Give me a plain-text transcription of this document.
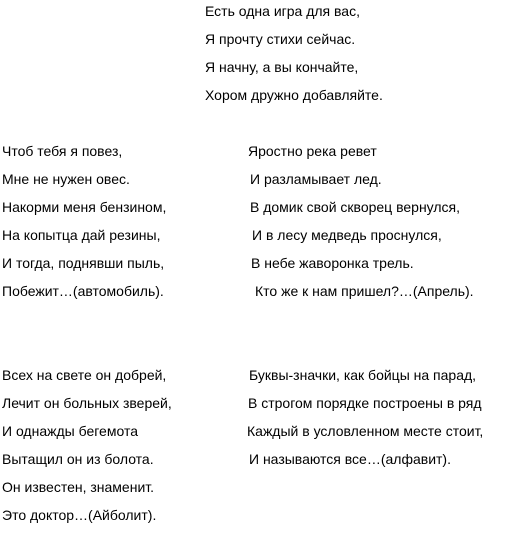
Есть одна игра для вас,
Я прочту стихи сейчас.
Я начну, а вы кончайте,
Хором дружно добавляйте.
Чтоб тебя я повез,
Мне не нужен овес.
Накорми меня бензином,
На копытца дай резины,
И тогда, поднявши пыль,
Побежит…(автомобиль).
Яростно река ревет
И разламывает лед.
В домик свой скворец вернулся,
И в лесу медведь проснулся,
В небе жаворонка трель.
Кто же к нам пришел?…(Апрель).
Всех на свете он добрей,
Лечит он больных зверей,
И однажды бегемота
Вытащил он из болота.
Он известен, знаменит.
Это доктор…(Айболит).
Буквы-значки, как бойцы на парад,
В строгом порядке построены в ряд
Каждый в условленном месте стоит,
И называются все…(алфавит).
